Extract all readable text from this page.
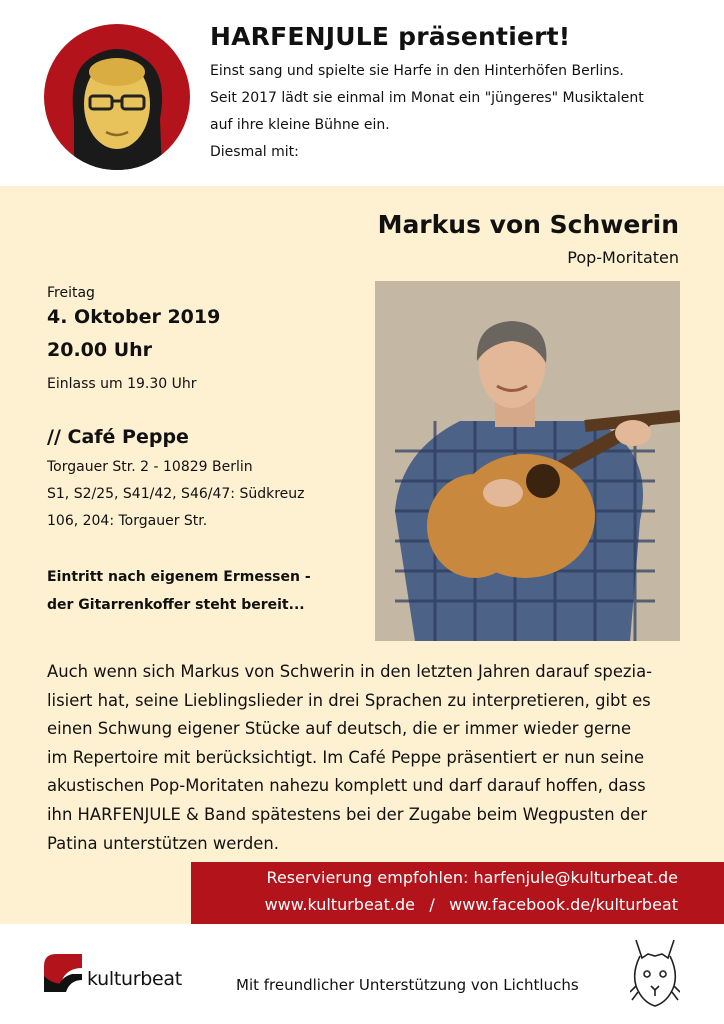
HARFENJULE präsentiert!
Einst sang und spielte sie Harfe in den Hinterhöfen Berlins.
Seit 2017 lädt sie einmal im Monat ein "jüngeres" Musiktalent
auf ihre kleine Bühne ein.
Diesmal mit:
Markus von Schwerin
Pop-Moritaten
Freitag
4. Oktober 2019
20.00 Uhr
Einlass um 19.30 Uhr
// Café Peppe
Torgauer Str. 2 - 10829 Berlin
S1, S2/25, S41/42, S46/47: Südkreuz
106, 204: Torgauer Str.
Eintritt nach eigenem Ermessen -
der Gitarrenkoffer steht bereit...
Auch wenn sich Markus von Schwerin in den letzten Jahren darauf spezia-
lisiert hat, seine Lieblingslieder in drei Sprachen zu interpretieren, gibt es
einen Schwung eigener Stücke auf deutsch, die er immer wieder gerne
im Repertoire mit berücksichtigt. Im Café Peppe präsentiert er nun seine
akustischen Pop-Moritaten nahezu komplett und darf darauf hoffen, dass
ihn HARFENJULE & Band spätestens bei der Zugabe beim Wegpusten der
Patina unterstützen werden.
Reservierung empfohlen: harfenjule@kulturbeat.de
www.kulturbeat.de / www.facebook.de/kulturbeat
kulturbeat	Mit freundlicher Unterstützung von Lichtluchs
